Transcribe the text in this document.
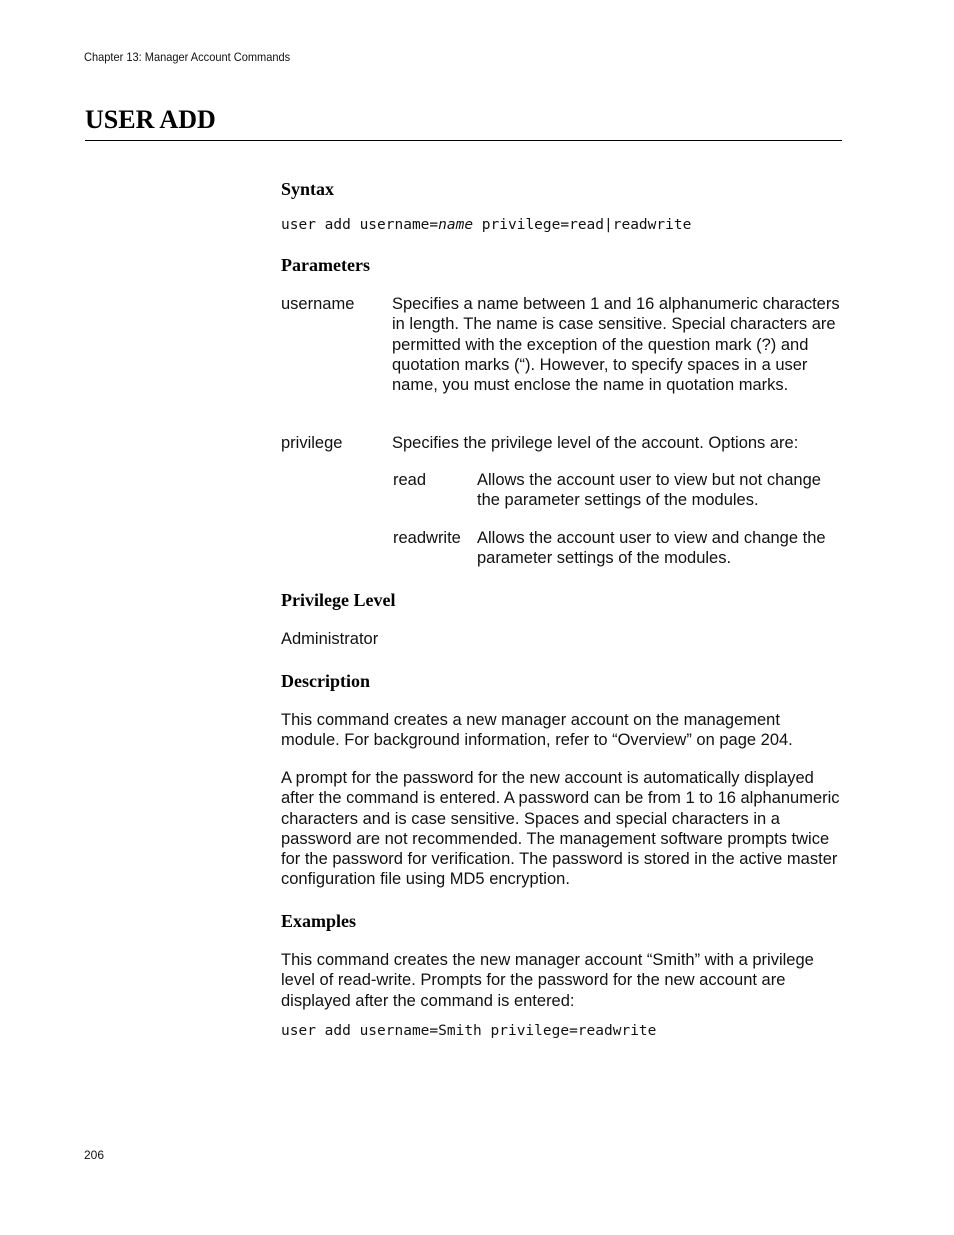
Chapter 13: Manager Account Commands
USER ADD
Syntax
user add username=name privilege=read|readwrite
Parameters
username Specifies a name between 1 and 16 alphanumeric characters in length. The name is case sensitive. Special characters are permitted with the exception of the question mark (?) and quotation marks (“). However, to specify spaces in a user name, you must enclose the name in quotation marks.

privilege	Specifies the privilege level of the account. Options are:

read	Allows the account user to view but not change the parameter settings of the modules.

readwrite Allows the account user to view and change the parameter settings of the modules.

Privilege Level

Administrator

Description

This command creates a new manager account on the management module. For background information, refer to “Overview” on page 204.

A prompt for the password for the new account is automatically displayed after the command is entered. A password can be from 1 to 16 alphanumeric characters and is case sensitive. Spaces and special characters in a password are not recommended. The management software prompts twice for the password for verification. The password is stored in the active master configuration file using MD5 encryption.

Examples

This command creates the new manager account “Smith” with a privilege level of read-write. Prompts for the password for the new account are displayed after the command is entered:

user add username=Smith privilege=readwrite
206
